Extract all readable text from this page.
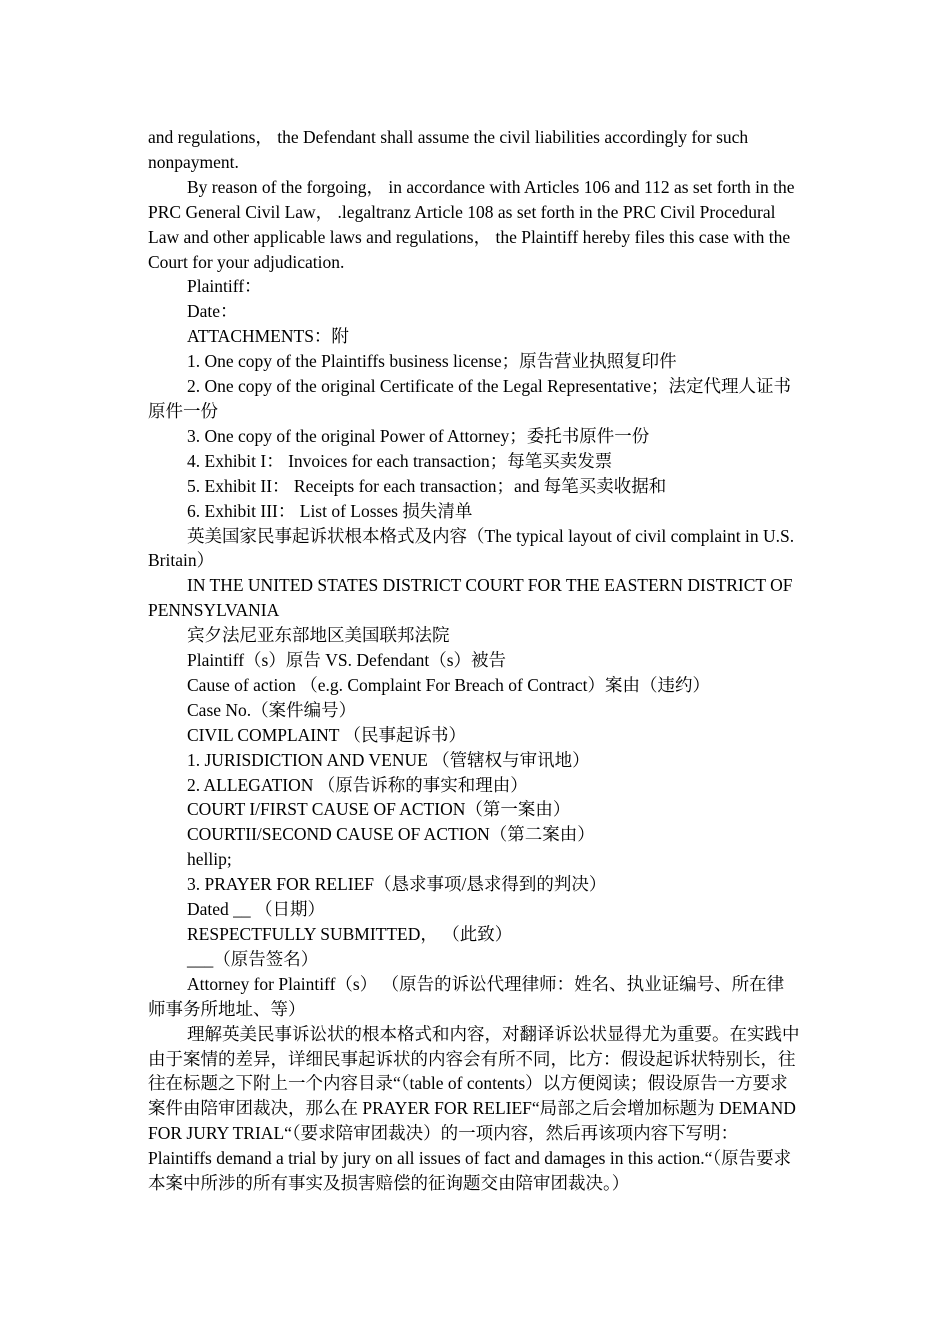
and regulations， the Defendant shall assume the civil liabilities accordingly for such nonpayment.

By reason of the forgoing， in accordance with Articles 106 and 112 as set forth in the PRC General Civil Law， .legaltranz Article 108 as set forth in the PRC Civil Procedural Law and other applicable laws and regulations， the Plaintiff hereby files this case with the Court for your adjudication.

Plaintiff：

Date：

ATTACHMENTS：附

1. One copy of the Plaintiffs business license；原告营业执照复印件

2. One copy of the original Certificate of the Legal Representative；法定代理人证书原件一份

3. One copy of the original Power of Attorney；委托书原件一份

4. Exhibit I： Invoices for each transaction；每笔买卖发票

5. Exhibit II： Receipts for each transaction；and 每笔买卖收据和

6. Exhibit III： List of Losses 损失清单

英美国家民事起诉状根本格式及内容（The typical layout of civil complaint in U.S. Britain）

IN THE UNITED STATES DISTRICT COURT FOR THE EASTERN DISTRICT OF PENNSYLVANIA

宾夕法尼亚东部地区美国联邦法院

Plaintiff（s）原告 VS. Defendant（s）被告

Cause of action （e.g. Complaint For Breach of Contract）案由（违约）

Case No.（案件编号）

CIVIL COMPLAINT （民事起诉书）

1. JURISDICTION AND VENUE （管辖权与审讯地）

2. ALLEGATION （原告诉称的事实和理由）

COURT I/FIRST CAUSE OF ACTION（第一案由）

COURTII/SECOND CAUSE OF ACTION（第二案由）

hellip;

3. PRAYER FOR RELIEF（恳求事项/恳求得到的判决）

Dated __ （日期）

RESPECTFULLY SUBMITTED， （此致）

___（原告签名）

Attorney for Plaintiff（s） （原告的诉讼代理律师：姓名、执业证编号、所在律师事务所地址、等）

理解英美民事诉讼状的根本格式和内容，对翻译诉讼状显得尤为重要。在实践中由于案情的差异，详细民事起诉状的内容会有所不同，比方：假设起诉状特别长，往往在标题之下附上一个内容目录“（table of contents）以方便阅读；假设原告一方要求案件由陪审团裁决，那么在 PRAYER FOR RELIEF“局部之后会增加标题为 DEMAND FOR JURY TRIAL“（要求陪审团裁决）的一项内容，然后再该项内容下写明：Plaintiffs demand a trial by jury on all issues of fact and damages in this action.“（原告要求本案中所涉的所有事实及损害赔偿的征询题交由陪审团裁决。）
